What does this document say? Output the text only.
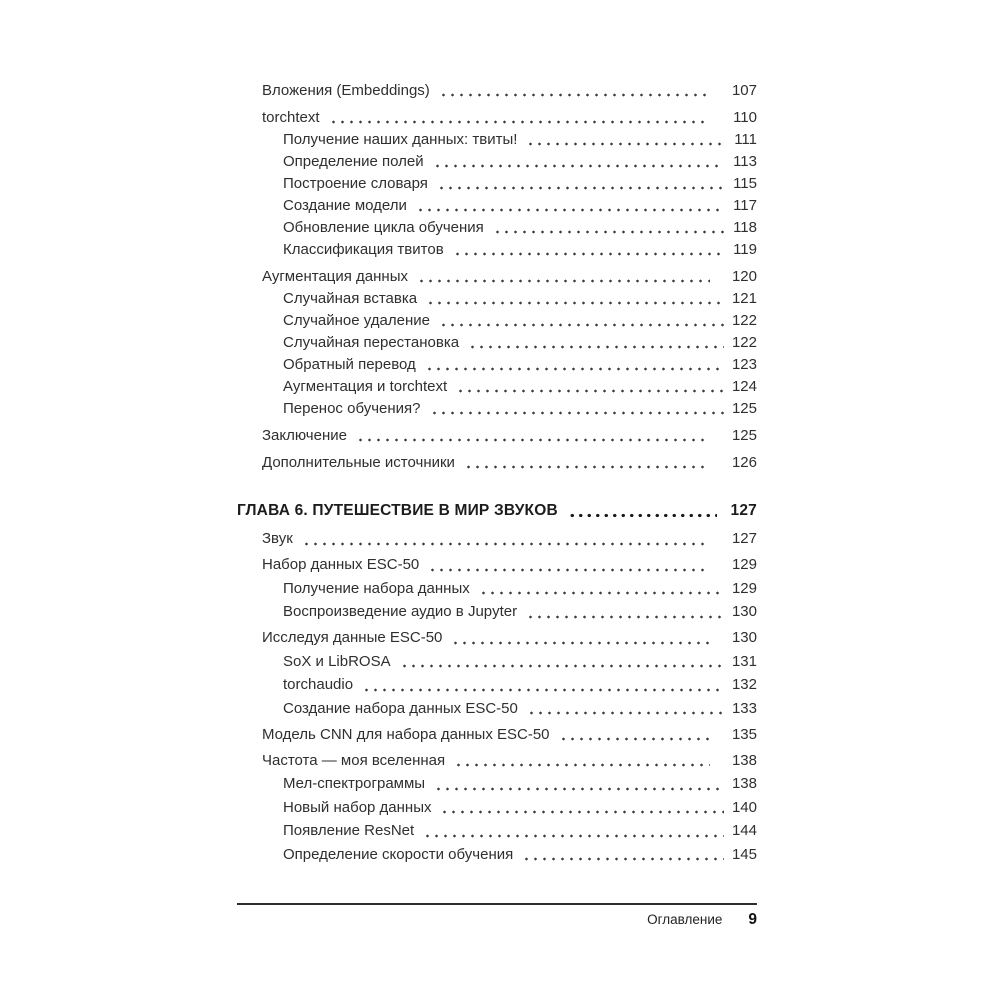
Вложения (Embeddings)	107
torchtext	110
Получение наших данных: твиты!	111
Определение полей	113
Построение словаря	115
Создание модели	117
Обновление цикла обучения	118
Классификация твитов	119
Аугментация данных	120
Случайная вставка	121
Случайное удаление	122
Случайная перестановка	122
Обратный перевод	123
Аугментация и torchtext	124
Перенос обучения?	125
Заключение	125
Дополнительные источники	126
ГЛАВА 6. ПУТЕШЕСТВИЕ В МИР ЗВУКОВ	127
Звук	127
Набор данных ESC-50	129
Получение набора данных	129
Воспроизведение аудио в Jupyter	130
Исследуя данные ESC-50	130
SoX и LibROSA	131
torchaudio	132
Создание набора данных ESC-50	133
Модель CNN для набора данных ESC-50	135
Частота — моя вселенная	138
Мел-спектрограммы	138
Новый набор данных	140
Появление ResNet	144
Определение скорости обучения	145
Оглавление 9
